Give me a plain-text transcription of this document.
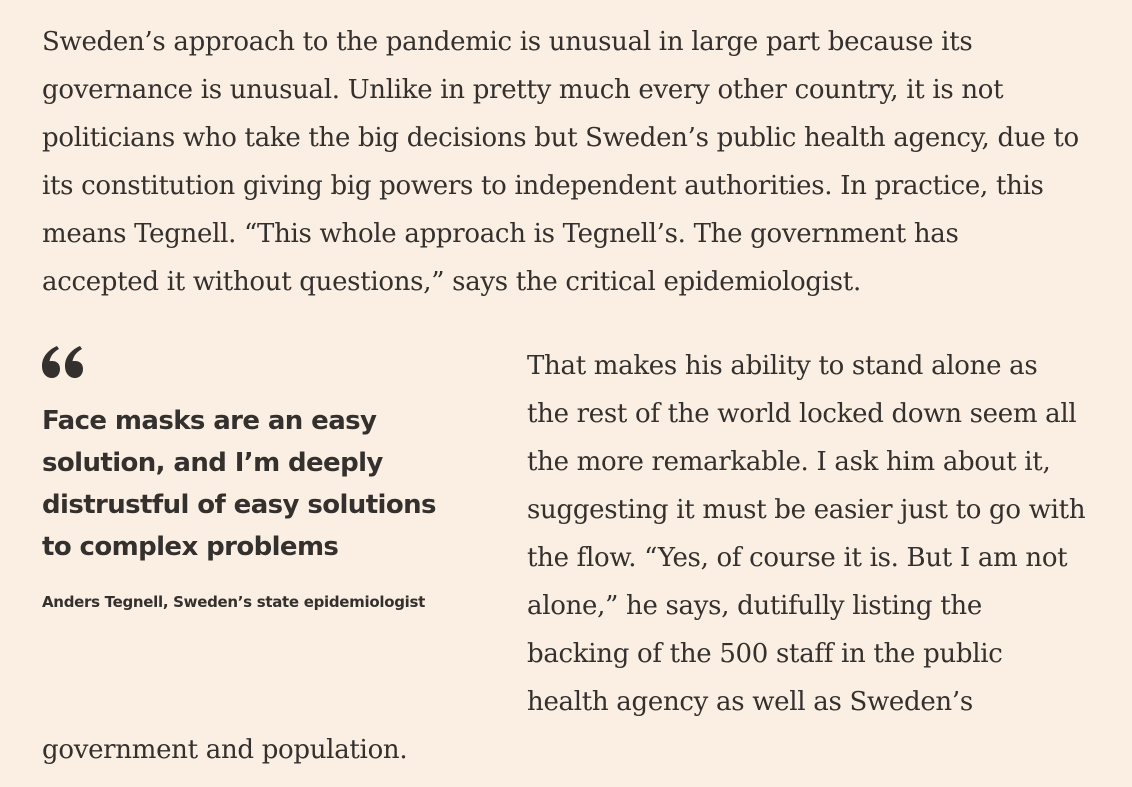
Sweden’s approach to the pandemic is unusual in large part because its
governance is unusual. Unlike in pretty much every other country, it is not
politicians who take the big decisions but Sweden’s public health agency, due to
its constitution giving big powers to independent authorities. In practice, this
means Tegnell. “This whole approach is Tegnell’s. The government has
accepted it without questions,” says the critical epidemiologist.
Face masks are an easy
solution, and I’m deeply
distrustful of easy solutions
to complex problems
Anders Tegnell, Sweden’s state epidemiologist
That makes his ability to stand alone as
the rest of the world locked down seem all
the more remarkable. I ask him about it,
suggesting it must be easier just to go with
the flow. “Yes, of course it is. But I am not
alone,” he says, dutifully listing the
backing of the 500 staff in the public
health agency as well as Sweden’s
government and population.
